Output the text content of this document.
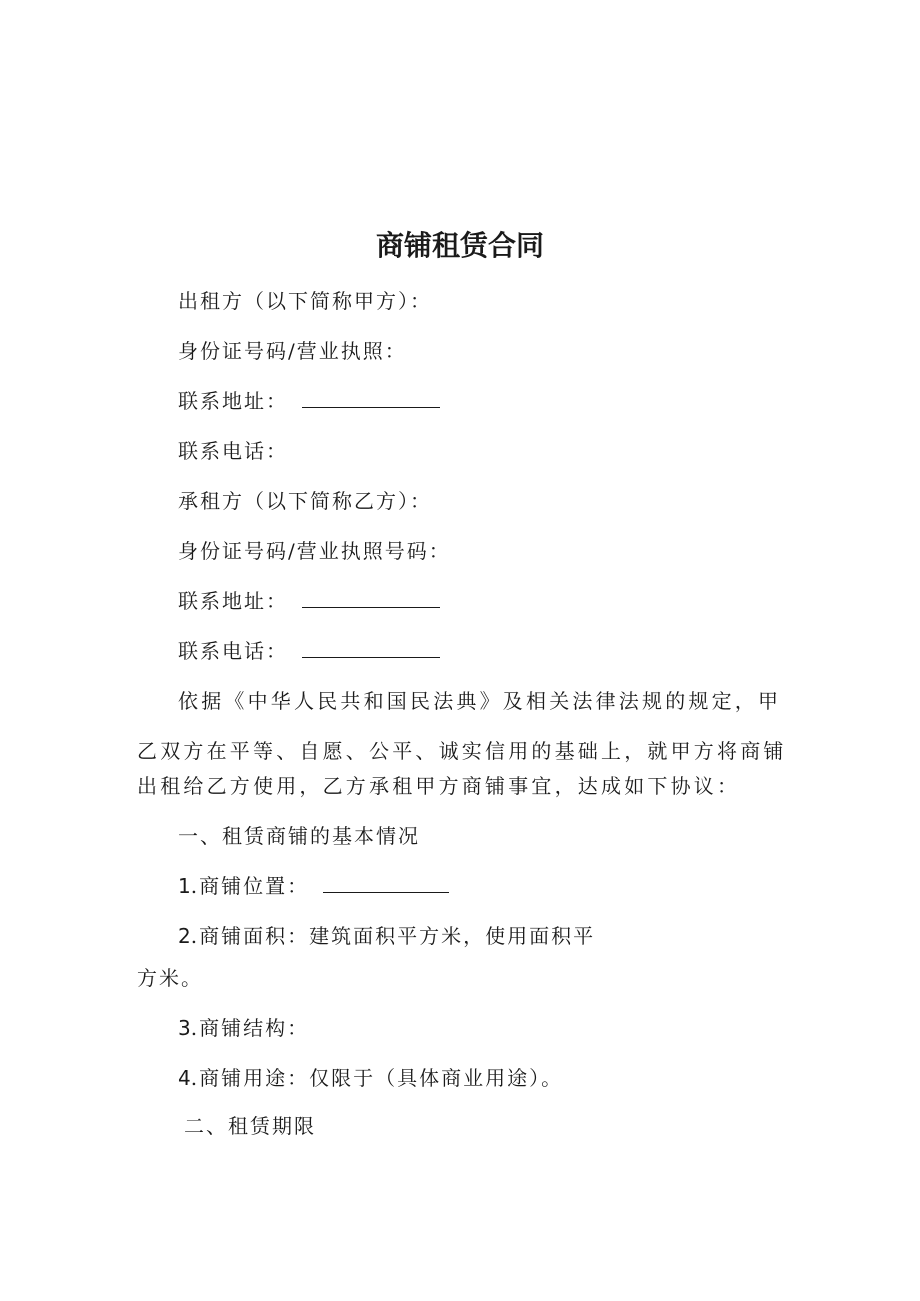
商铺租赁合同
出租方（以下简称甲方）：
身份证号码/营业执照：
联系地址：
联系电话：
承租方（以下简称乙方）：
身份证号码/营业执照号码：
联系地址：
联系电话：
依据《中华人民共和国民法典》及相关法律法规的规定，甲
乙双方在平等、自愿、公平、诚实信用的基础上，就甲方将商铺
出租给乙方使用，乙方承租甲方商铺事宜，达成如下协议：
一、租赁商铺的基本情况
1.商铺位置：
2.商铺面积：建筑面积平方米，使用面积平
方米。
3.商铺结构：
4.商铺用途：仅限于（具体商业用途）。
二、租赁期限
